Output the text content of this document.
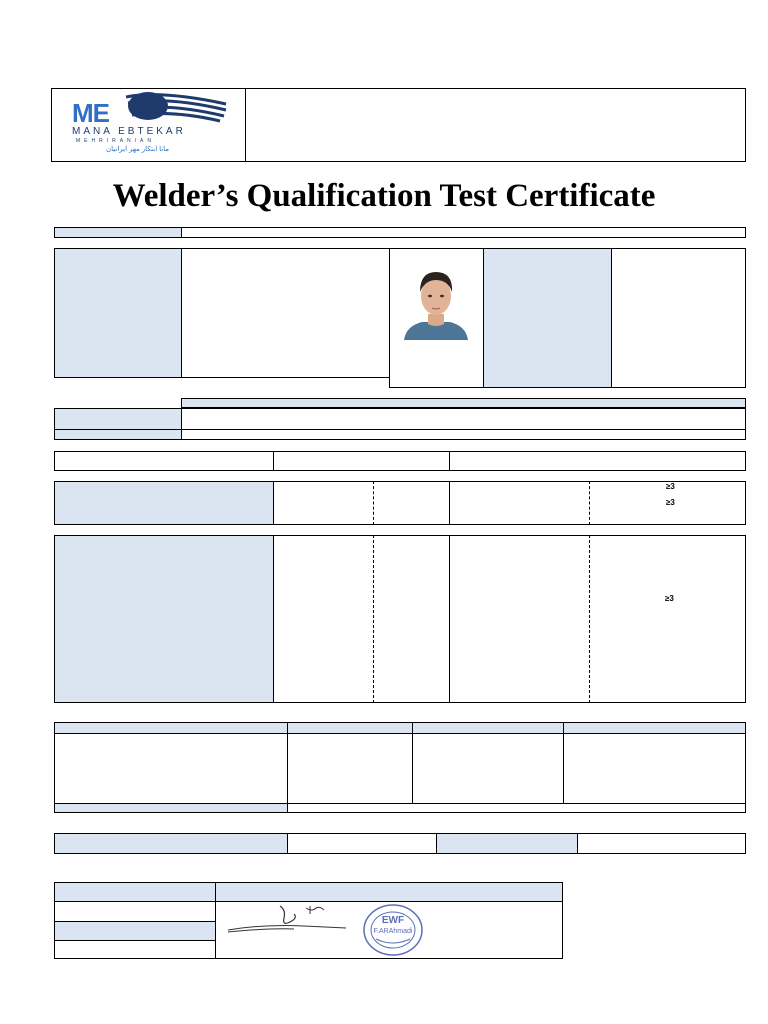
ME
MANA EBTEKAR
MEHRIRANIAN
مانا ابتکار مهر ایرانیان
Welder’s Qualification Test Certificate
≥3
≥3
≥3
EWF
F.ARAhmadi
